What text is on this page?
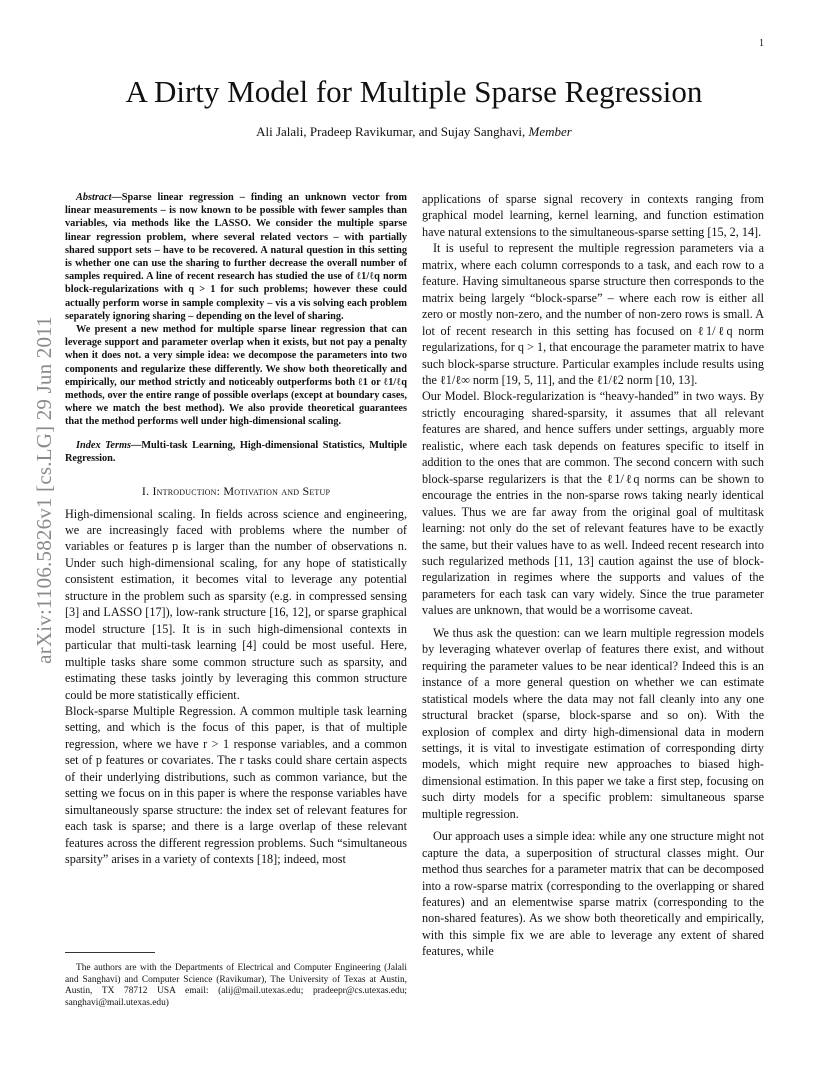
1
arXiv:1106.5826v1 [cs.LG] 29 Jun 2011
A Dirty Model for Multiple Sparse Regression
Ali Jalali, Pradeep Ravikumar, and Sujay Sanghavi, Member

Abstract—Sparse linear regression – finding an unknown vector from linear measurements – is now known to be possible with fewer samples than variables, via methods like the LASSO. We consider the multiple sparse linear regression problem, where several related vectors – with partially shared support sets – have to be recovered. A natural question in this setting is whether one can use the sharing to further decrease the overall number of samples required. A line of recent research has studied the use of ℓ1/ℓq norm block-regularizations with q > 1 for such problems; however these could actually perform worse in sample complexity – vis a vis solving each problem separately ignoring sharing – depending on the level of sharing.

We present a new method for multiple sparse linear regression that can leverage support and parameter overlap when it exists, but not pay a penalty when it does not. a very simple idea: we decompose the parameters into two components and regularize these differently. We show both theoretically and empirically, our method strictly and noticeably outperforms both ℓ1 or ℓ1/ℓq methods, over the entire range of possible overlaps (except at boundary cases, where we match the best method). We also provide theoretical guarantees that the method performs well under high-dimensional scaling.

Index Terms—Multi-task Learning, High-dimensional Statistics, Multiple Regression.
I. Introduction: Motivation and Setup

High-dimensional scaling. In fields across science and engineering, we are increasingly faced with problems where the number of variables or features p is larger than the number of observations n. Under such high-dimensional scaling, for any hope of statistically consistent estimation, it becomes vital to leverage any potential structure in the problem such as sparsity (e.g. in compressed sensing [3] and LASSO [17]), low-rank structure [16, 12], or sparse graphical model structure [15]. It is in such high-dimensional contexts in particular that multi-task learning [4] could be most useful. Here, multiple tasks share some common structure such as sparsity, and estimating these tasks jointly by leveraging this common structure could be more statistically efficient.

Block-sparse Multiple Regression. A common multiple task learning setting, and which is the focus of this paper, is that of multiple regression, where we have r > 1 response variables, and a common set of p features or covariates. The r tasks could share certain aspects of their underlying distributions, such as common variance, but the setting we focus on in this paper is where the response variables have simultaneously sparse structure: the index set of relevant features for each task is sparse; and there is a large overlap of these relevant features across the different regression problems. Such “simultaneous sparsity” arises in a variety of contexts [18]; indeed, most

applications of sparse signal recovery in contexts ranging from graphical model learning, kernel learning, and function estimation have natural extensions to the simultaneous-sparse setting [15, 2, 14].

It is useful to represent the multiple regression parameters via a matrix, where each column corresponds to a task, and each row to a feature. Having simultaneous sparse structure then corresponds to the matrix being largely “block-sparse” – where each row is either all zero or mostly non-zero, and the number of non-zero rows is small. A lot of recent research in this setting has focused on ℓ1/ℓq norm regularizations, for q > 1, that encourage the parameter matrix to have such block-sparse structure. Particular examples include results using the ℓ1/ℓ∞ norm [19, 5, 11], and the ℓ1/ℓ2 norm [10, 13].

Our Model. Block-regularization is “heavy-handed” in two ways. By strictly encouraging shared-sparsity, it assumes that all relevant features are shared, and hence suffers under settings, arguably more realistic, where each task depends on features specific to itself in addition to the ones that are common. The second concern with such block-sparse regularizers is that the ℓ1/ℓq norms can be shown to encourage the entries in the non-sparse rows taking nearly identical values. Thus we are far away from the original goal of multitask learning: not only do the set of relevant features have to be exactly the same, but their values have to as well. Indeed recent research into such regularized methods [11, 13] caution against the use of block-regularization in regimes where the supports and values of the parameters for each task can vary widely. Since the true parameter values are unknown, that would be a worrisome caveat.

We thus ask the question: can we learn multiple regression models by leveraging whatever overlap of features there exist, and without requiring the parameter values to be near identical? Indeed this is an instance of a more general question on whether we can estimate statistical models where the data may not fall cleanly into any one structural bracket (sparse, block-sparse and so on). With the explosion of complex and dirty high-dimensional data in modern settings, it is vital to investigate estimation of corresponding dirty models, which might require new approaches to biased high-dimensional estimation. In this paper we take a first step, focusing on such dirty models for a specific problem: simultaneous sparse multiple regression.

Our approach uses a simple idea: while any one structure might not capture the data, a superposition of structural classes might. Our method thus searches for a parameter matrix that can be decomposed into a row-sparse matrix (corresponding to the overlapping or shared features) and an elementwise sparse matrix (corresponding to the non-shared features). As we show both theoretically and empirically, with this simple fix we are able to leverage any extent of shared features, while

The authors are with the Departments of Electrical and Computer Engineering (Jalali and Sanghavi) and Computer Science (Ravikumar), The University of Texas at Austin, Austin, TX 78712 USA email: (alij@mail.utexas.edu; pradeepr@cs.utexas.edu; sanghavi@mail.utexas.edu)
